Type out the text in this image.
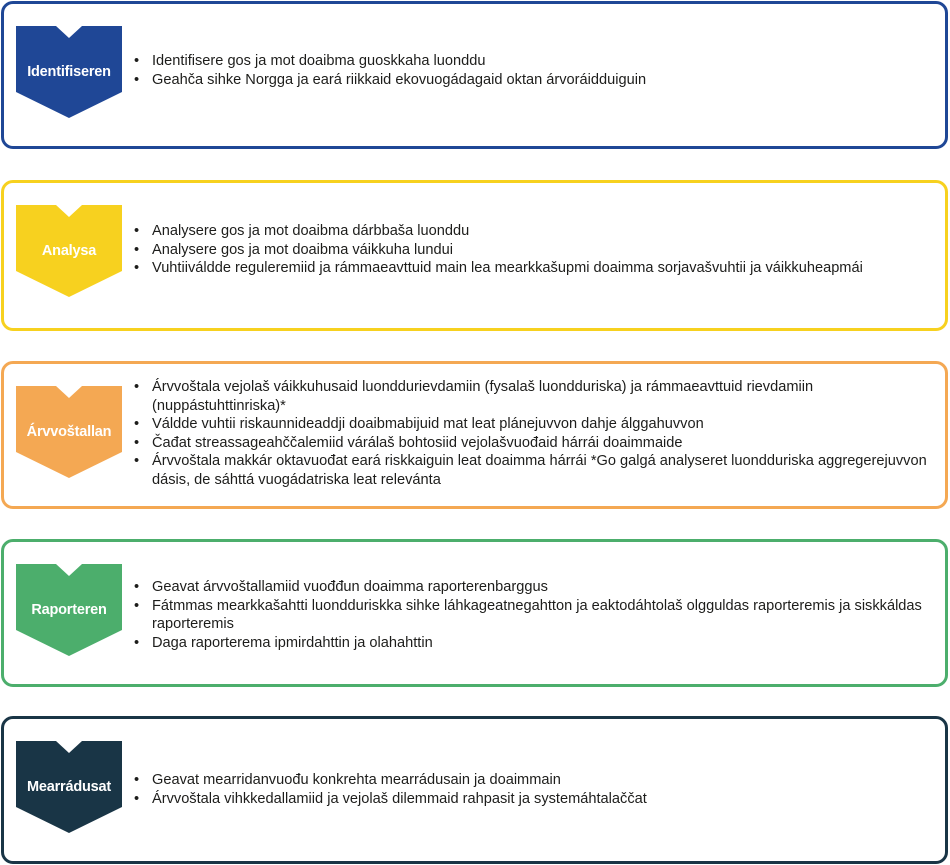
Identifiseren
• Identifisere gos ja mot doaibma guoskkaha luonddu
• Geahča sihke Norgga ja eará riikkaid ekovuogádagaid oktan árvoráidduiguin
Analysa
• Analysere gos ja mot doaibma dárbbaša luonddu
• Analysere gos ja mot doaibma váikkuha lundui
• Vuhtiiváldde reguleremiid ja rámmaeavttuid main lea mearkkašupmi doaimma sorjavašvuhtii ja váikkuheapmái
Árvvoštallan
• Árvvoštala vejolaš váikkuhusaid luonddurievdamiin (fysalaš luondduriska) ja rámmaeavttuid rievdamiin (nuppástuhttinriska)*
• Váldde vuhtii riskaunnideaddji doaibmabijuid mat leat plánejuvvon dahje álggahuvvon
• Čađat streassageahččalemiid várálaš bohtosiid vejolašvuođaid hárrái doaimmaide
• Árvvoštala makkár oktavuođat eará riskkaiguin leat doaimma hárrái *Go galgá analyseret luondduriska aggregerejuvvon dásis, de sáhttá vuogádatriska leat relevánta
Raporteren
• Geavat árvvoštallamiid vuođđun doaimma raporterenbarggus
• Fátmmas mearkkašahtti luondduriskka sihke láhkageatnegahtton ja eaktodáhtolaš olgguldas raporteremis ja siskkáldas raporteremis
• Daga raporterema ipmirdahttin ja olahahttin
Mearrádusat
•	Geavat mearridanvuođu konkrehta mearrádusain ja doaimmain
• Árvvoštala vihkkedallamiid ja vejolaš dilemmaid rahpasit ja systemáhtalaččat
